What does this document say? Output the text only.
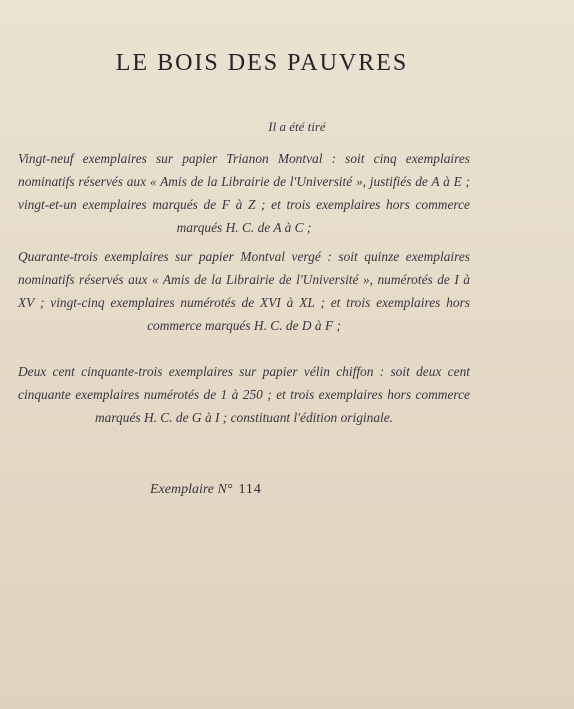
LE BOIS DES PAUVRES
Il a été tiré
Vingt-neuf exemplaires sur papier Trianon Montval : soit cinq exemplaires nominatifs réservés aux « Amis de la Librairie de l'Université », justifiés de A à E ; vingt-et-un exemplaires marqués de F à Z ; et trois exemplaires hors commerce marqués H. C. de A à C ;
Quarante-trois exemplaires sur papier Montval vergé : soit quinze exemplaires nominatifs réservés aux « Amis de la Librairie de l'Université », numérotés de I à XV ; vingt-cinq exemplaires numérotés de XVI à XL ; et trois exemplaires hors commerce marqués H. C. de D à F ;
Deux cent cinquante-trois exemplaires sur papier vélin chiffon : soit deux cent cinquante exemplaires numérotés de 1 à 250 ; et trois exemplaires hors commerce marqués H. C. de G à I ; constituant l'édition originale.
Exemplaire N° 114
